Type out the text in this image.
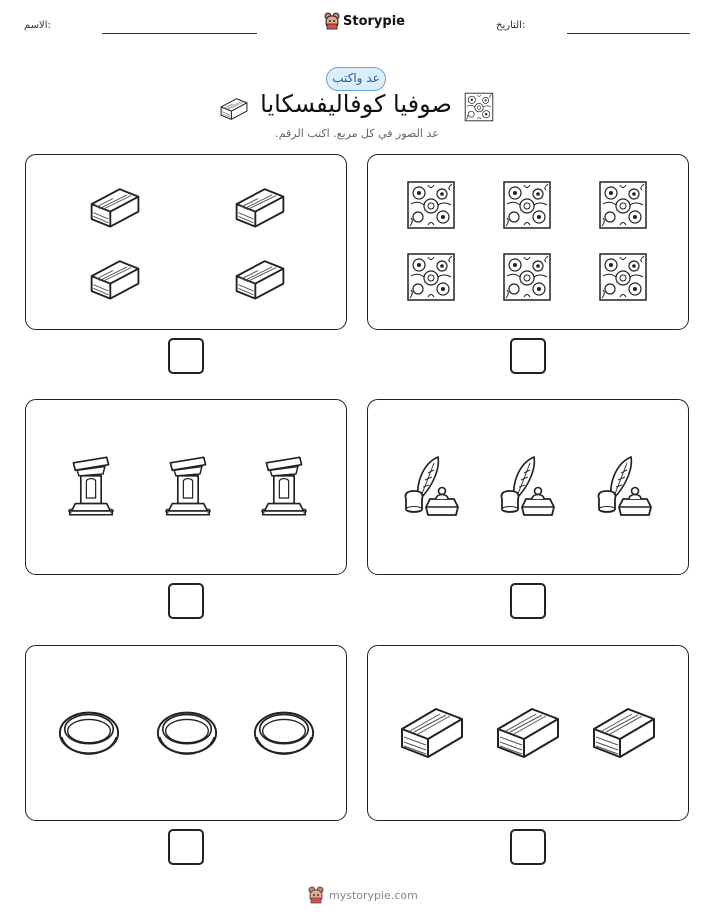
الاسم:	Storypie	التاريخ:
عد واكتب
صوفيا كوفاليفسكايا
عد الصور في كل مربع. اكتب الرقم.
mystorypie.com
